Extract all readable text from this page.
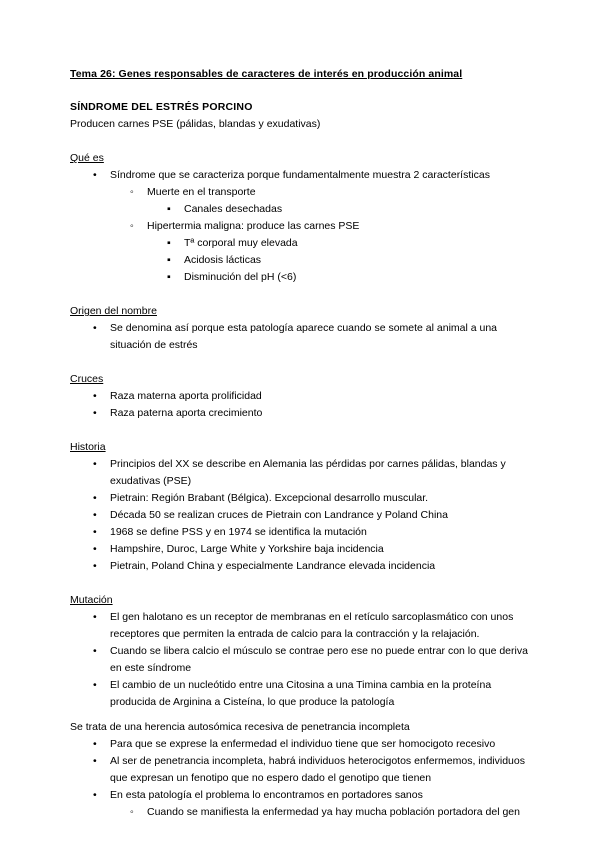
Tema 26: Genes responsables de caracteres de interés en producción animal

SÍNDROME DEL ESTRÉS PORCINO

Producen carnes PSE (pálidas, blandas y exudativas)

Qué es

•
Síndrome que se caracteriza porque fundamentalmente muestra 2 características
◦
Muerte en el transporte
▪
Canales desechadas
◦
Hipertermia maligna: produce las carnes PSE
▪
Tª corporal muy elevada
▪
Acidosis lácticas
▪
Disminución del pH (<6)

Origen del nombre

•
Se denomina así porque esta patología aparece cuando se somete al animal a una situación de estrés

Cruces

•
Raza materna aporta prolificidad
•
Raza paterna aporta crecimiento

Historia

•
Principios del XX se describe en Alemania las pérdidas por carnes pálidas, blandas y exudativas (PSE)
•
Pietrain: Región Brabant (Bélgica). Excepcional desarrollo muscular.
•
Década 50 se realizan cruces de Pietrain con Landrance y Poland China
•
1968 se define PSS y en 1974 se identifica la mutación
•
Hampshire, Duroc, Large White y Yorkshire baja incidencia
•
Pietrain, Poland China y especialmente Landrance elevada incidencia

Mutación

•
El gen halotano es un receptor de membranas en el retículo sarcoplasmático con unos receptores que permiten la entrada de calcio para la contracción y la relajación.
•
Cuando se libera calcio el músculo se contrae pero ese no puede entrar con lo que deriva en este síndrome
•
El cambio de un nucleótido entre una Citosina a una Timina cambia en la proteína producida de Arginina a Cisteína, lo que produce la patología

Se trata de una herencia autosómica recesiva de penetrancia incompleta

•
Para que se exprese la enfermedad el individuo tiene que ser homocigoto recesivo
•
Al ser de penetrancia incompleta, habrá individuos heterocigotos enfermemos, individuos que expresan un fenotipo que no espero dado el genotipo que tienen
•
En esta patología el problema lo encontramos en portadores sanos
◦
Cuando se manifiesta la enfermedad ya hay mucha población portadora del gen
